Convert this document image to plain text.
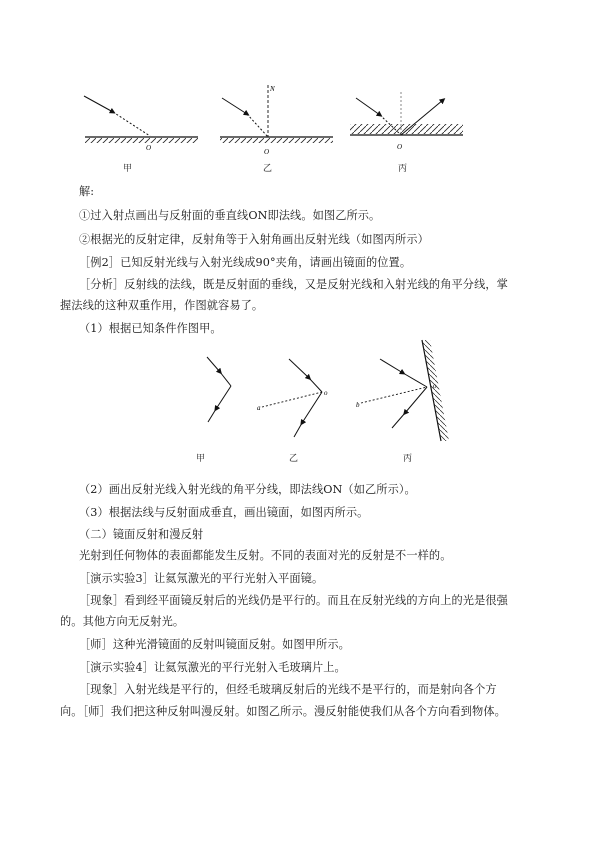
O
N
O
O
甲	乙	丙
o
a
o
b
甲	乙	丙
解:
①过入射点画出与反射面的垂直线ON即法线。如图乙所示。
②根据光的反射定律，反射角等于入射角画出反射光线（如图丙所示）
［例2］已知反射光线与入射光线成90°夹角，请画出镜面的位置。
［分析］反射线的法线，既是反射面的垂线，又是反射光线和入射光线的角平分线，掌
握法线的这种双重作用，作图就容易了。
（1）根据已知条件作图甲。
（2）画出反射光线入射光线的角平分线，即法线ON（如乙所示）。
（3）根据法线与反射面成垂直，画出镜面，如图丙所示。
（二）镜面反射和漫反射
光射到任何物体的表面都能发生反射。不同的表面对光的反射是不一样的。
［演示实验3］让氦氖激光的平行光射入平面镜。
［现象］看到经平面镜反射后的光线仍是平行的。而且在反射光线的方向上的光是很强
的。其他方向无反射光。
［师］这种光滑镜面的反射叫镜面反射。如图甲所示。
［演示实验4］让氦氖激光的平行光射入毛玻璃片上。
［现象］入射光线是平行的，但经毛玻璃反射后的光线不是平行的，而是射向各个方
向。［师］我们把这种反射叫漫反射。如图乙所示。漫反射能使我们从各个方向看到物体。
